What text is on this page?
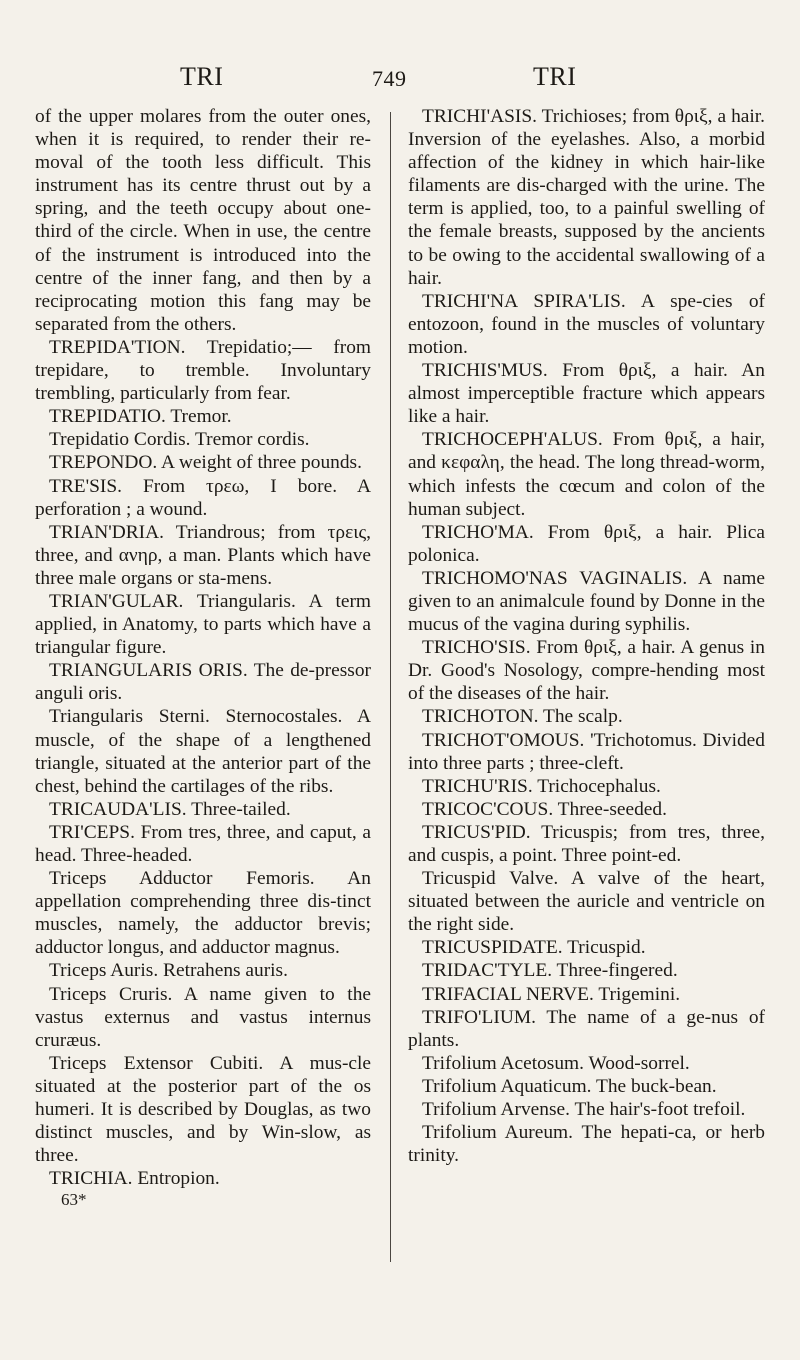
TRI	749	TRI

of the upper molares from the outer ones, when it is required, to render their re-moval of the tooth less difficult. This instrument has its centre thrust out by a spring, and the teeth occupy about one-third of the circle. When in use, the centre of the instrument is introduced into the centre of the inner fang, and then by a reciprocating motion this fang may be separated from the others.

TREPIDA'TION. Trepidatio;— from trepidare, to tremble. Involuntary trembling, particularly from fear.

TREPIDATIO. Tremor.

Trepidatio Cordis. Tremor cordis.

TREPONDO. A weight of three pounds.

TRE'SIS. From τρεω, I bore. A perforation ; a wound.

TRIAN'DRIA. Triandrous; from τρεις, three, and ανηρ, a man. Plants which have three male organs or sta-mens.

TRIAN'GULAR. Triangularis. A term applied, in Anatomy, to parts which have a triangular figure.

TRIANGULARIS ORIS. The de-pressor anguli oris.

Triangularis Sterni. Sternocostales. A muscle, of the shape of a lengthened triangle, situated at the anterior part of the chest, behind the cartilages of the ribs.

TRICAUDA'LIS. Three-tailed.

TRI'CEPS. From tres, three, and caput, a head. Three-headed.

Triceps Adductor Femoris. An appellation comprehending three dis-tinct muscles, namely, the adductor brevis; adductor longus, and adductor magnus.

Triceps Auris. Retrahens auris.

Triceps Cruris. A name given to the vastus externus and vastus internus cruræus.

Triceps Extensor Cubiti. A mus-cle situated at the posterior part of the os humeri. It is described by Douglas, as two distinct muscles, and by Win-slow, as three.

TRICHIA. Entropion.

63*

TRICHI'ASIS. Trichioses; from θριξ, a hair. Inversion of the eyelashes. Also, a morbid affection of the kidney in which hair-like filaments are dis-charged with the urine. The term is applied, too, to a painful swelling of the female breasts, supposed by the ancients to be owing to the accidental swallowing of a hair.

TRICHI'NA SPIRA'LIS. A spe-cies of entozoon, found in the muscles of voluntary motion.

TRICHIS'MUS. From θριξ, a hair. An almost imperceptible fracture which appears like a hair.

TRICHOCEPH'ALUS. From θριξ, a hair, and κεφαλη, the head. The long thread-worm, which infests the cœcum and colon of the human subject.

TRICHO'MA. From θριξ, a hair. Plica polonica.

TRICHOMO'NAS VAGINALIS. A name given to an animalcule found by Donne in the mucus of the vagina during syphilis.

TRICHO'SIS. From θριξ, a hair. A genus in Dr. Good's Nosology, compre-hending most of the diseases of the hair.

TRICHOTON. The scalp.

TRICHOT'OMOUS. 'Trichotomus. Divided into three parts ; three-cleft.

TRICHU'RIS. Trichocephalus.

TRICOC'COUS. Three-seeded.

TRICUS'PID. Tricuspis; from tres, three, and cuspis, a point. Three point-ed.

Tricuspid Valve. A valve of the heart, situated between the auricle and ventricle on the right side.

TRICUSPIDATE. Tricuspid.

TRIDAC'TYLE. Three-fingered.

TRIFACIAL NERVE. Trigemini.

TRIFO'LIUM. The name of a ge-nus of plants.

Trifolium Acetosum. Wood-sorrel.

Trifolium Aquaticum. The buck-bean.

Trifolium Arvense. The hair's-foot trefoil.

Trifolium Aureum. The hepati-ca, or herb trinity.
